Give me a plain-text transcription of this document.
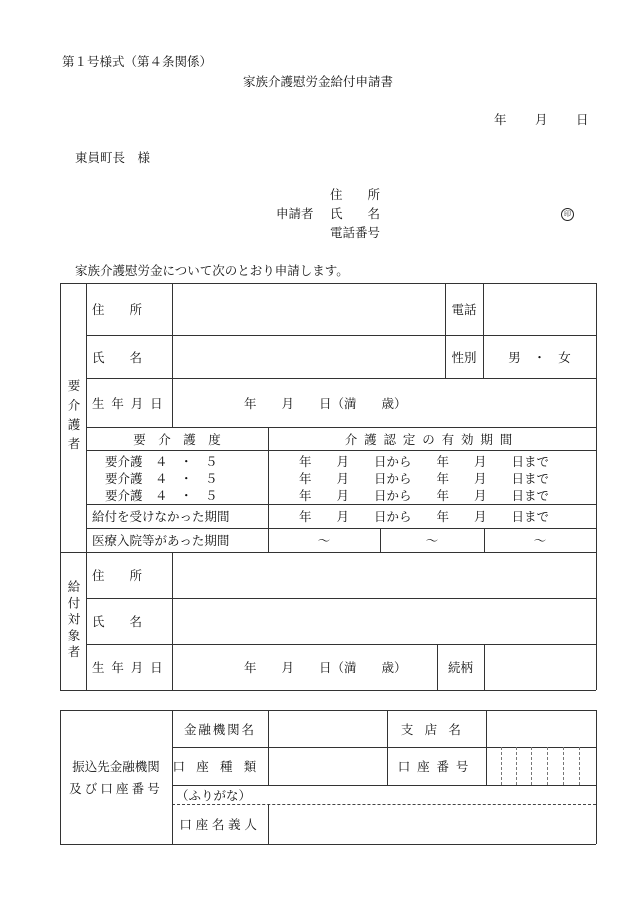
第１号様式（第４条関係）
家族介護慰労金給付申請書
年 月 日
東員町長　様
住　　所
申請者 氏　　名	印
電話番号
家族介護慰労金について次のとおり申請します。
要介護者
住　　所	電話
氏　　名	性別	男　・　女
生年月日	年　　月　　日（満　　歳）
要　介　護　度	介護認定の有効期間
要介護　４　・　５	年　　月　　日から　　年　　月　　日まで
要介護　４　・　５	年　　月　　日から　　年　　月　　日まで
要介護　４　・　５	年　　月　　日から　　年　　月　　日まで
給付を受けなかった期間	年　　月　　日から　　年　　月　　日まで
医療入院等があった期間	～	～	～
給付対象者
住　　所
氏　　名
生年月日	年　　月　　日（満　　歳）	続柄
振込先金融機関
及び口座番号
金融機関名	支店名
口座種類	口座番号
（ふりがな）
口座名義人
